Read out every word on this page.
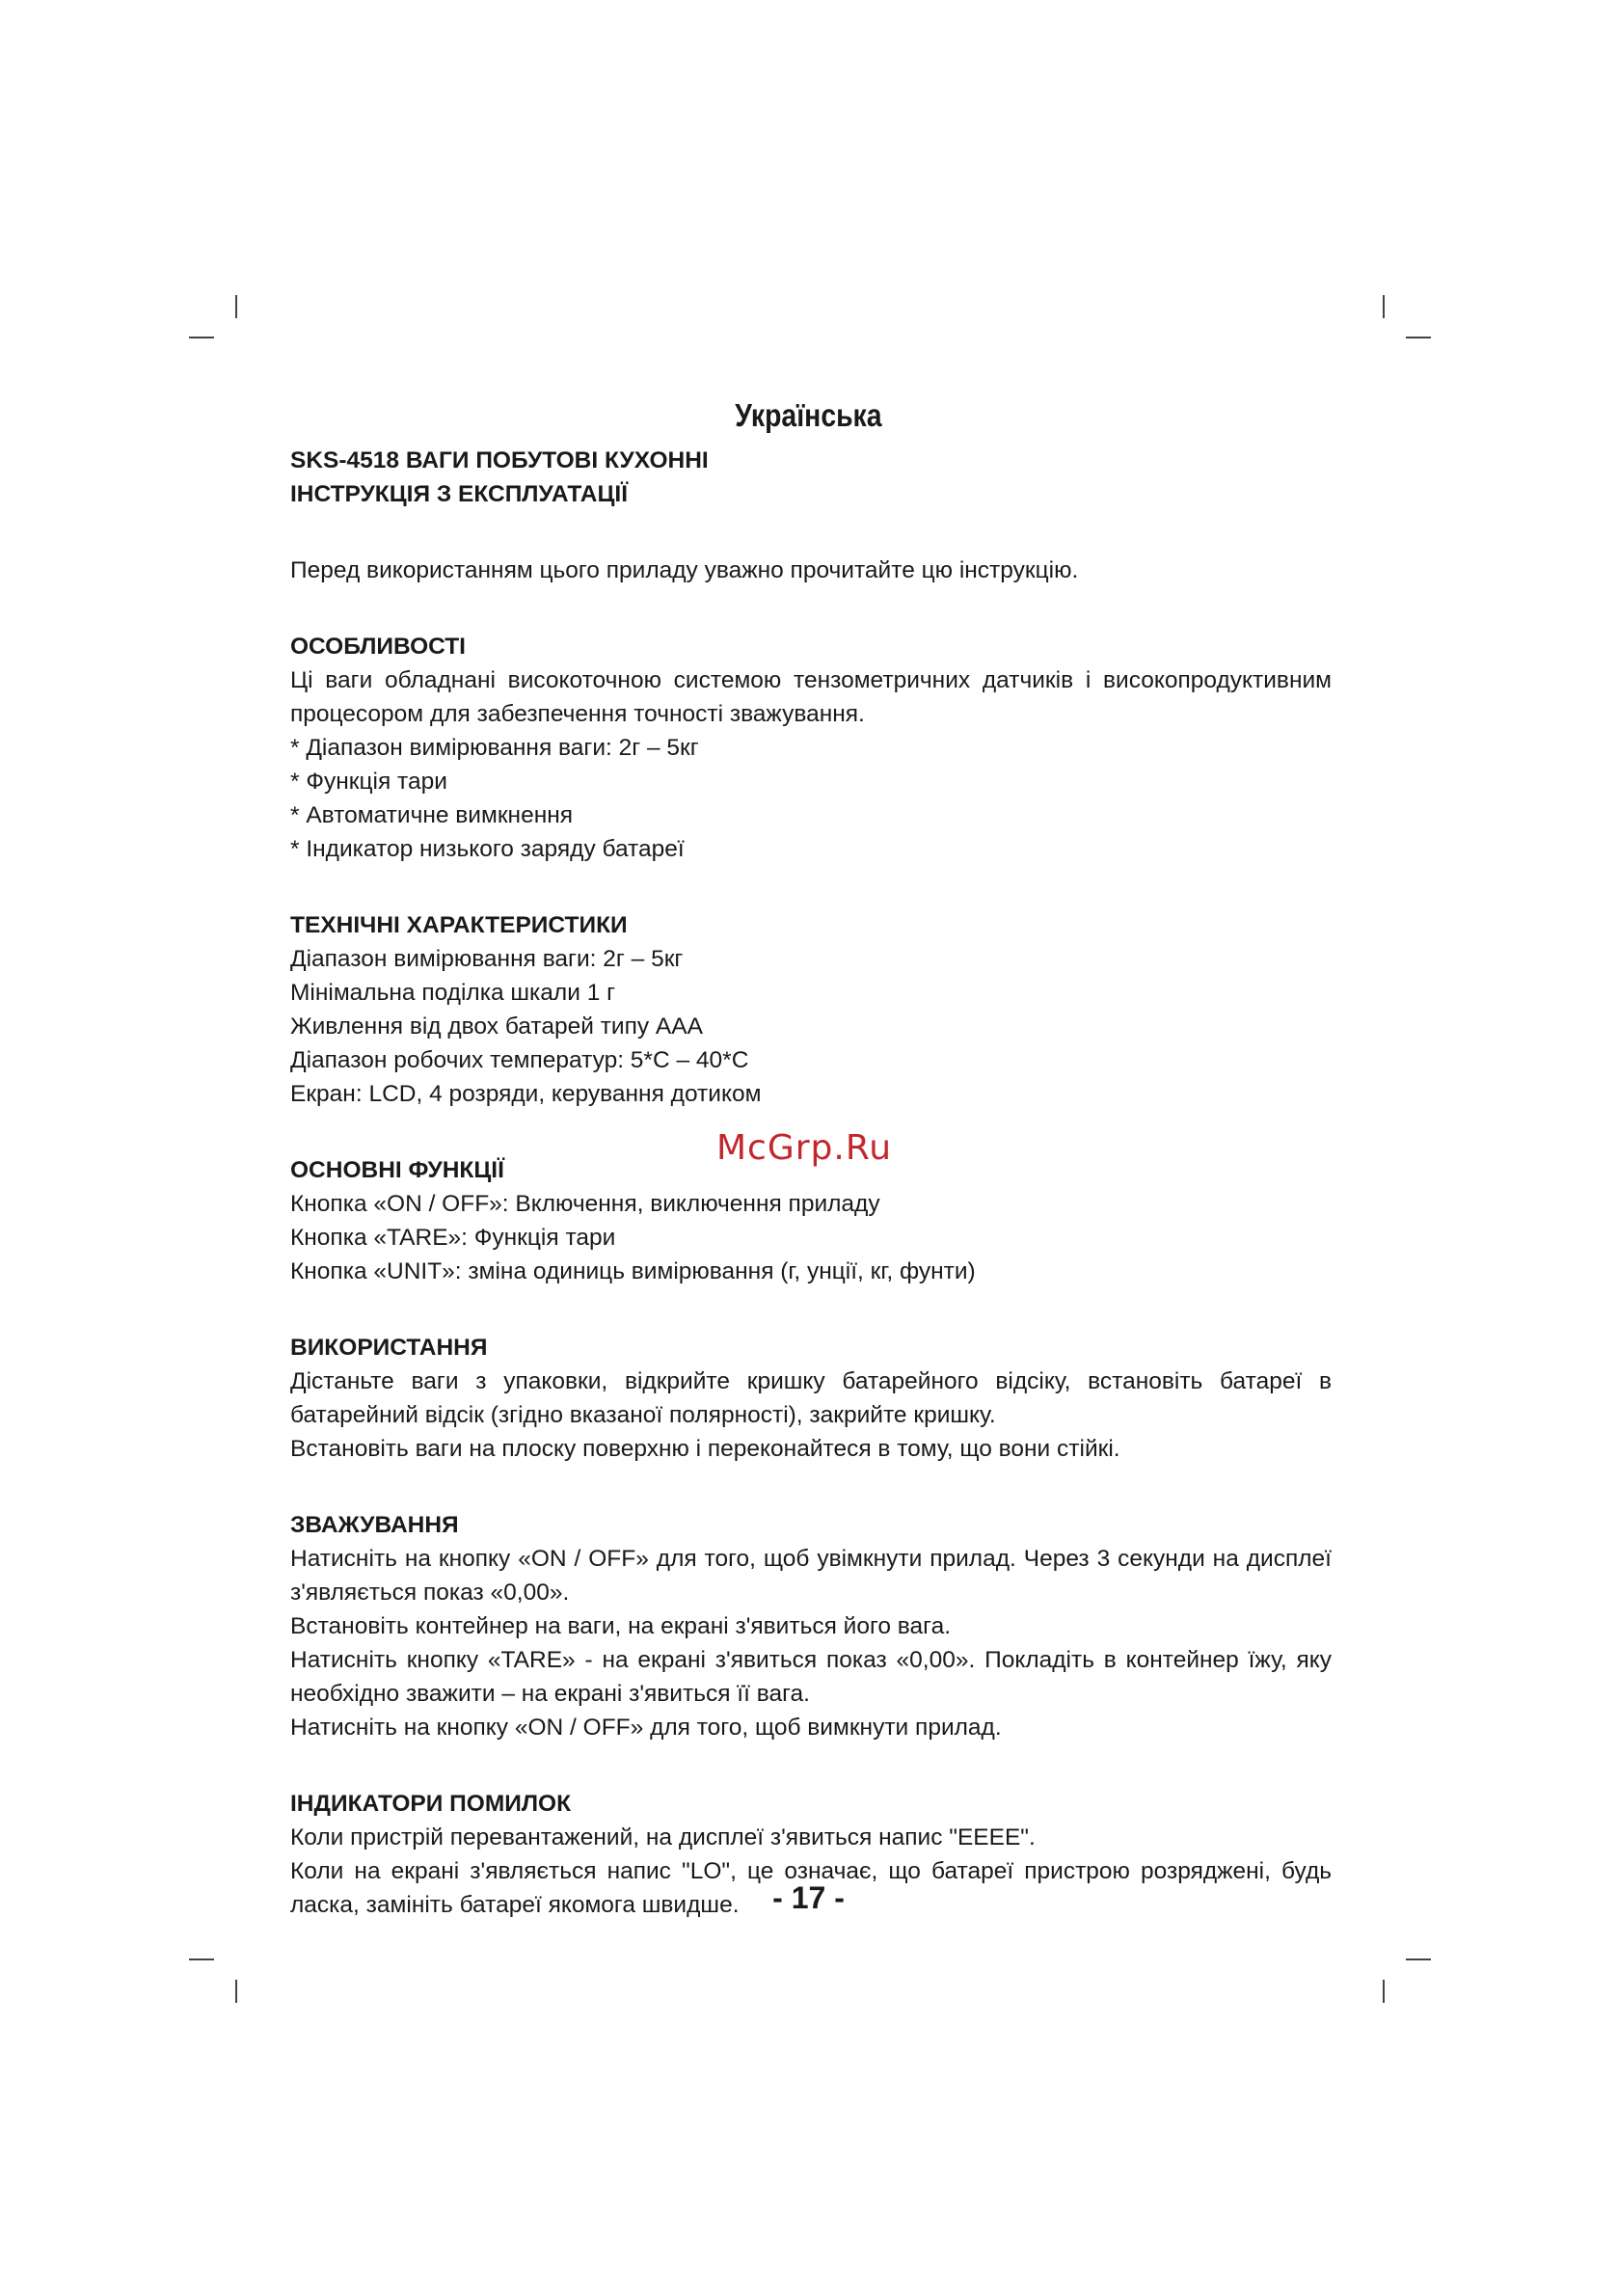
Українська

SKS-4518 ВАГИ ПОБУТОВІ КУХОННІ

ІНСТРУКЦІЯ З ЕКСПЛУАТАЦІЇ

Перед використанням цього приладу уважно прочитайте цю інструкцію.

ОСОБЛИВОСТІ

Ці ваги обладнані високоточною системою тензометричних датчиків і високопродуктивним процесором для забезпечення точності зважування.

* Діапазон вимірювання ваги: 2г – 5кг

* Функція тари

* Автоматичне вимкнення

* Індикатор низького заряду батареї

ТЕХНІЧНІ ХАРАКТЕРИСТИКИ

Діапазон вимірювання ваги: 2г – 5кг

Мінімальна поділка шкали 1 г

Живлення від двох батарей типу ААА

Діапазон робочих температур: 5*С – 40*С

Екран: LCD, 4 розряди, керування дотиком

ОСНОВНІ ФУНКЦІЇ

Кнопка «ON / OFF»: Включення, виключення приладу

Кнопка «TARE»: Функція тари

Кнопка «UNIT»: зміна одиниць вимірювання (г, унції, кг, фунти)

ВИКОРИСТАННЯ

Дістаньте ваги з упаковки, відкрийте кришку батарейного відсіку, встановіть батареї в батарейний відсік (згідно вказаної полярності), закрийте кришку.

Встановіть ваги на плоску поверхню і переконайтеся в тому, що вони стійкі.

ЗВАЖУВАННЯ

Натисніть на кнопку «ON / OFF» для того, щоб увімкнути прилад. Через 3 секунди на дисплеї з'являється показ «0,00».

Встановіть контейнер на ваги, на екрані з'явиться його вага.

Натисніть кнопку «TARE» - на екрані з'явиться показ «0,00». Покладіть в контейнер їжу, яку необхідно зважити – на екрані з'явиться її вага.

Натисніть на кнопку «ON / OFF» для того, щоб вимкнути прилад.

ІНДИКАТОРИ ПОМИЛОК

Коли пристрій перевантажений, на дисплеї з'явиться напис "ЕЕЕЕ".

Коли на екрані з'являється напис "LO", це означає, що батареї пристрою розряджені, будь ласка, замініть батареї якомога швидше.

McGrp.Ru
- 17 -
